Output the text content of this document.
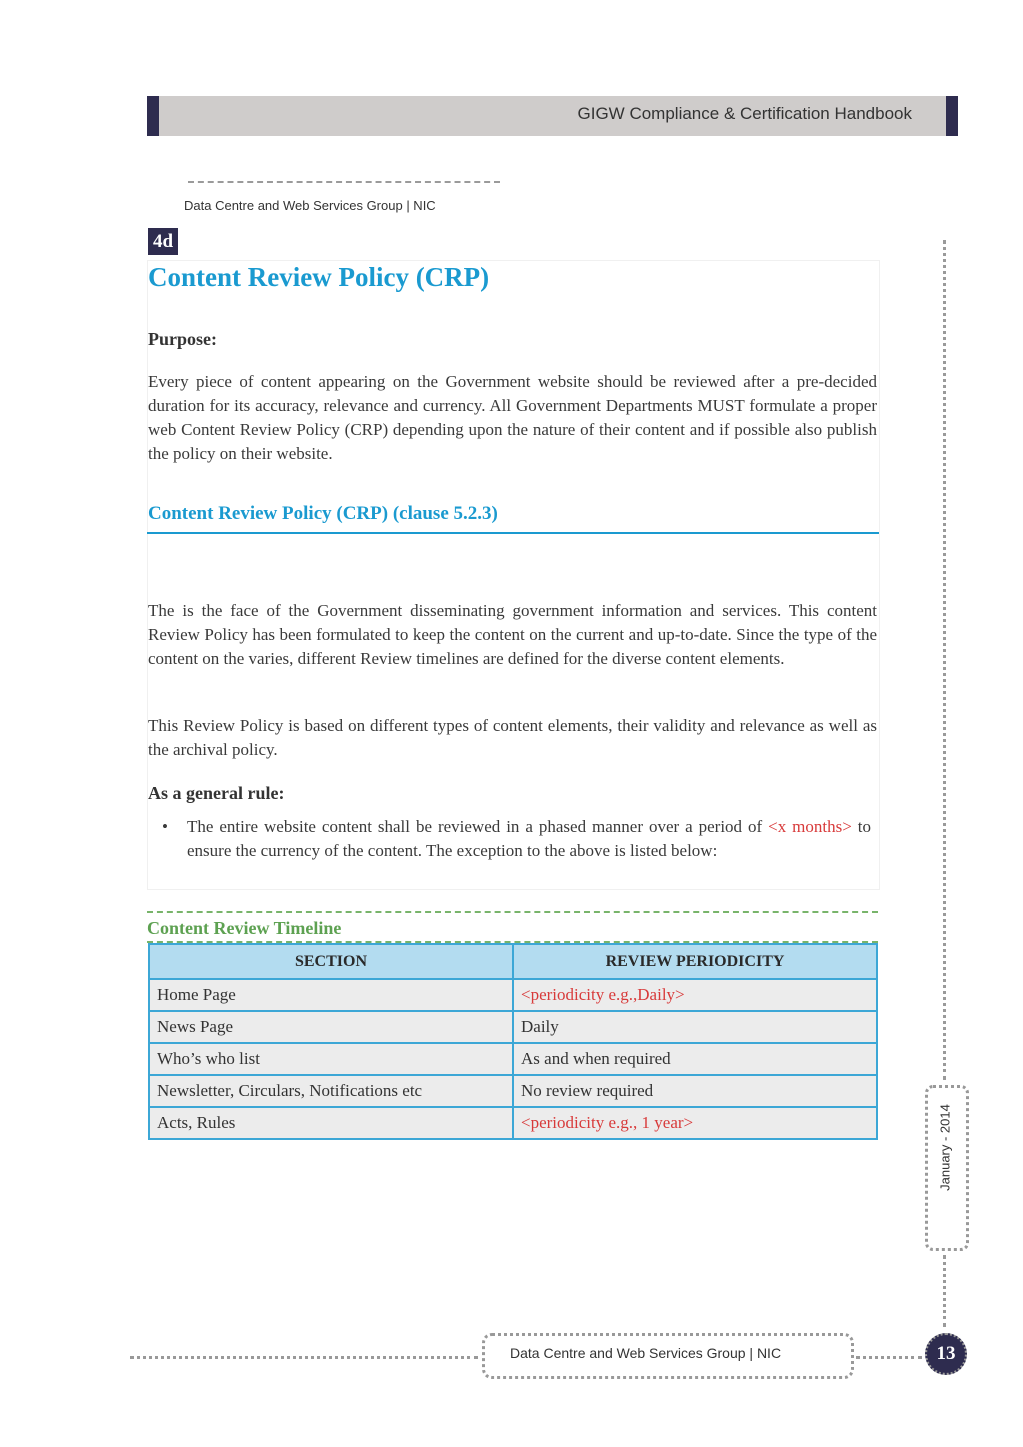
GIGW Compliance & Certification Handbook
Data Centre and Web Services Group | NIC
4d
Content Review Policy (CRP)
Purpose:
Every piece of content appearing on the Government website should be reviewed after a pre-decided duration for its accuracy, relevance and currency. All Government Departments MUST formulate a proper web Content Review Policy (CRP) depending upon the nature of their content and if possible also publish the policy on their website.
Content Review Policy (CRP) (clause 5.2.3)
The is the face of the Government disseminating government information and services. This content Review Policy has been formulated to keep the content on the current and up-to-date. Since the type of the content on the varies, different Review timelines are defined for the diverse content elements.
This Review Policy is based on different types of content elements, their validity and relevance as well as the archival policy.
As a general rule:
•	The entire website content shall be reviewed in a phased manner over a period of <x months> to ensure the currency of the content. The exception to the above is listed below:
Content Review Timeline
SECTION	REVIEW PERIODICITY
Home Page	<periodicity e.g.,Daily>
News Page	Daily
Who’s who list	As and when required
Newsletter, Circulars, Notifications etc	No review required
Acts, Rules	<periodicity e.g., 1 year>	January - 2014
Data Centre and Web Services Group | NIC	13
